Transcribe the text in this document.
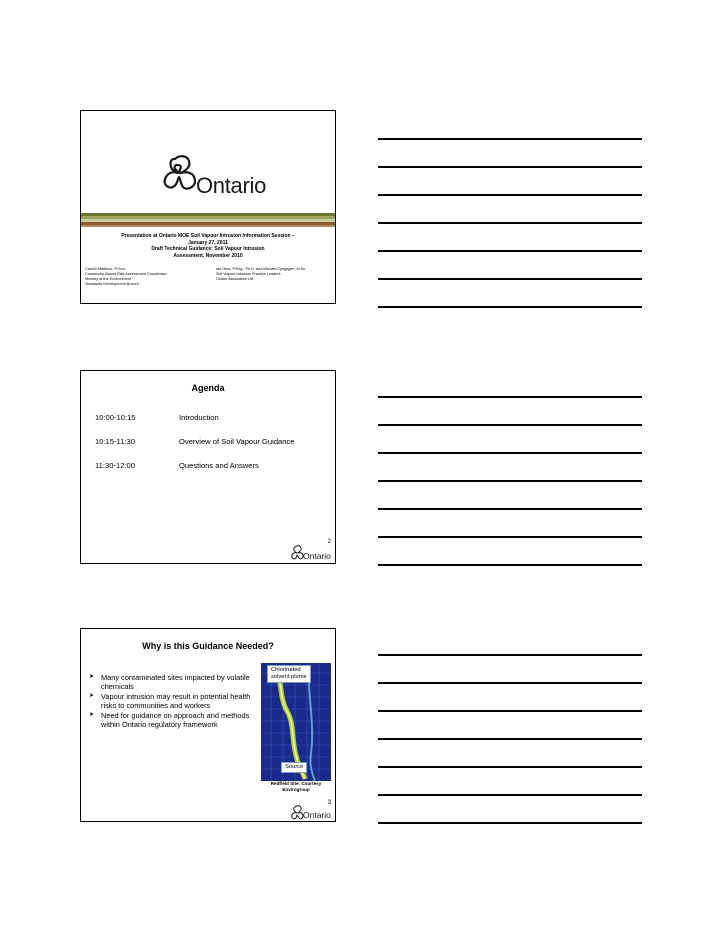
Ontario
Presentation at Ontario MOE Soil Vapour Intrusion Information Session –
January 27, 2011
Draft Technical Guidance: Soil Vapour Intrusion
Assessment, November 2010
Camilo Martinez, P.Geo
Community Based Risk Assessment Coordinator
Ministry of the Environment
Standards Development Branch
Ian Hers, P.Eng., Ph.D. and Michael Zyngagen, M.Sc.
Soil Vapour Intrusion Practice Leaders
Golder Associates Ltd.
Agenda
10:00-10:15	Introduction
10:15-11:30	Overview of Soil Vapour Guidance
11:30-12:00	Questions and Answers
2
Ontario
Why is this Guidance Needed?
➤ Many contaminated sites impacted by volatile chemicals
➤ Vapour intrusion may result in potential health risks to communities and workers
➤ Need for guidance on approach and methods within Ontario regulatory framework
Chlorinated
solvent plume
Source
Redfield Site: Courtesy
Envirogroup
3
Ontario
